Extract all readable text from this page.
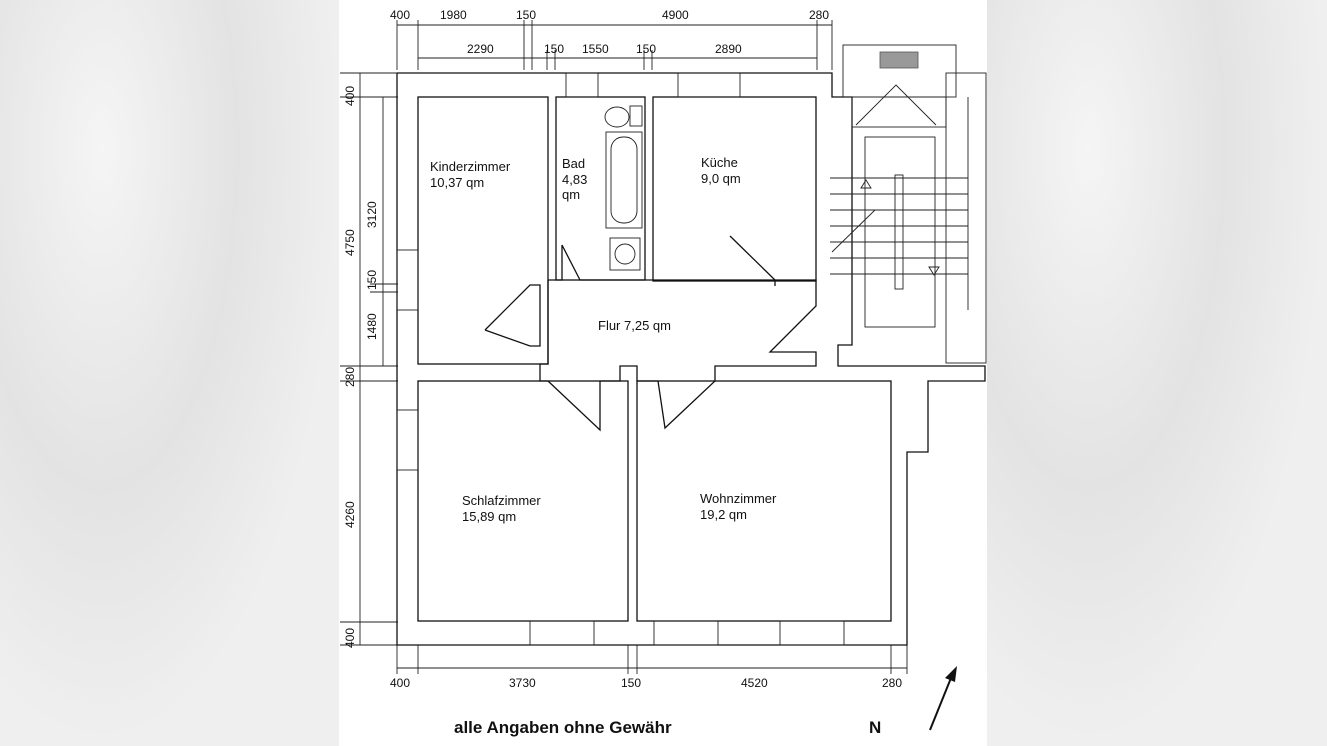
400 1980	150	4900	280
2290	150 1550 150	2890
400
4750
280
4260
400
3120
150
1480
400	3730	150	4520	280
Kinderzimmer
10,37 qm
Bad
4,83
qm
Küche
9,0 qm
Flur 7,25 qm
Schlafzimmer
15,89 qm
Wohnzimmer
19,2 qm
alle Angaben ohne Gewähr	N
